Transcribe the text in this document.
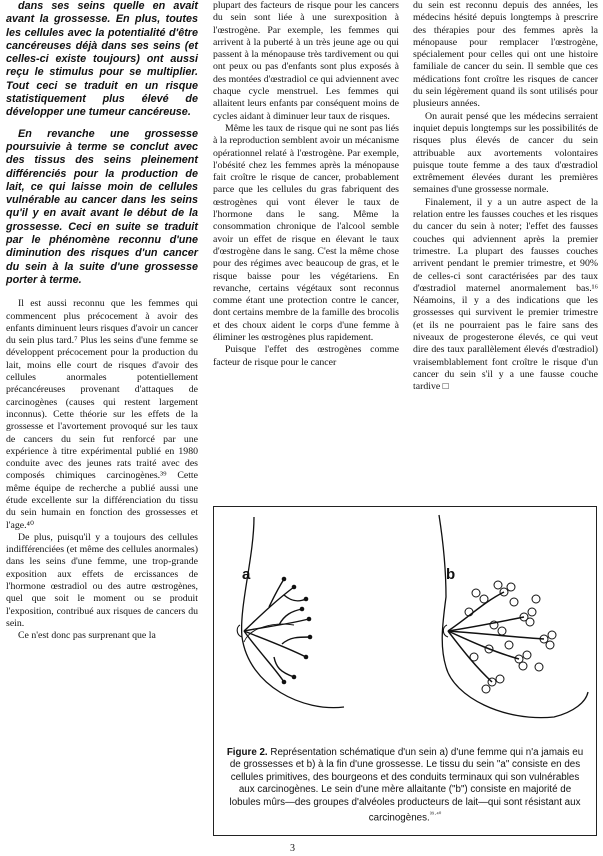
dans ses seins quelle en avait avant la grossesse. En plus, toutes les cellules avec la potentialité d'être cancéreuses déjà dans ses seins (et celles-ci existe toujours) ont aussi reçu le stimulus pour se multiplier. Tout ceci se traduit en un risque statistiquement plus élevé de développer une tumeur cancéreuse.

En revanche une grossesse poursuivie à terme se conclut avec des tissus des seins pleinement différenciés pour la production de lait, ce qui laisse moin de cellules vulnérable au cancer dans les seins qu'il y en avait avant le début de la grossesse. Ceci en suite se traduit par le phénomène reconnu d'une diminution des risques d'un cancer du sein à la suite d'une grossesse porter à terme.

Il est aussi reconnu que les femmes qui commencent plus précocement à avoir des enfants diminuent leurs risques d'avoir un cancer du sein plus tard.⁷ Plus les seins d'une femme se développent précocement pour la production du lait, moins elle court de risques d'avoir des cellules anormales potentiellement précancéreuses provenant d'attaques de carcinogènes (causes qui restent largement inconnus). Cette théorie sur les effets de la grossesse et l'avortement provoqué sur les taux de cancers du sein fut renforcé par une expérience à titre expérimental publié en 1980 conduite avec des jeunes rats traité avec des composés chimiques carcinogènes.³⁹ Cette même équipe de recherche a publié aussi une étude excellente sur la différenciation du tissu du sein humain en fonction des grossesses et l'age.⁴⁰

De plus, puisqu'il y a toujours des cellules indifférenciées (et même des cellules anormales) dans les seins d'une femme, une trop-grande exposition aux effets de ercissances de l'hormone œstradiol ou des autre œstrogènes, quel que soit le moment ou se produit l'exposition, contribué aux risques de cancers du sein.

Ce n'est donc pas surprenant que la

plupart des facteurs de risque pour les cancers du sein sont liée à une surexposition à l'œstrogène. Par exemple, les femmes qui arrivent à la puberté à un très jeune age ou qui passent à la ménopause très tardivement ou qui ont peux ou pas d'enfants sont plus exposés à des montées d'œstradiol ce qui adviennent avec chaque cycle menstruel. Les femmes qui allaitent leurs enfants par conséquent moins de cycles aidant à diminuer leur taux de risques.

Même les taux de risque qui ne sont pas liés à la reproduction semblent avoir un mécanisme opérationnel relaté à l'œstrogène. Par exemple, l'obésité chez les femmes après la ménopause fait croître le risque de cancer, probablement parce que les cellules du gras fabriquent des œstrogènes qui vont élever le taux de l'hormone dans le sang. Même la consommation chronique de l'alcool semble avoir un effet de risque en élevant le taux d'œstrogène dans le sang. C'est la même chose pour des régimes avec beaucoup de gras, et le risque baisse pour les végétariens. En revanche, certains végétaux sont reconnus comme étant une protection contre le cancer, dont certains membre de la famille des brocolis et des choux aident le corps d'une femme à éliminer les œstrogènes plus rapidement.

Puisque l'effet des œstrogènes comme facteur de risque pour le cancer

du sein est reconnu depuis des années, les médecins hésité depuis longtemps à prescrire des thérapies pour des femmes après la ménopause pour remplacer l'œstrogène, spécialement pour celles qui ont une histoire familiale de cancer du sein. Il semble que ces médications font croître les risques de cancer du sein légèrement quand ils sont utilisés pour plusieurs années.

On aurait pensé que les médecins serraient inquiet depuis longtemps sur les possibilités de risques plus élevés de cancer du sein attribuable aux avortements volontaires puisque toute femme a des taux d'œstradiol extrêmement élevées durant les premières semaines d'une grossesse normale.

Finalement, il y a un autre aspect de la relation entre les fausses couches et les risques du cancer du sein à noter; l'effet des fausses couches qui adviennent après la premier trimestre. La plupart des fausses couches arrivent pendant le premier trimestre, et 90% de celles-ci sont caractérisées par des taux d'œstradiol maternel anormalement bas.¹⁶ Néamoins, il y a des indications que les grossesses qui survivent le premier trimestre (et ils ne pourraient pas le faire sans des niveaux de progesterone élevés, ce qui veut dire des taux parallèlement élevés d'œstradiol) vraisemblablement font croître le risque d'un cancer du sein s'il y a une fausse couche tardive □

a	b
Figure 2. Représentation schématique d'un sein a) d'une femme qui n'a jamais eu de grossesses et b) à la fin d'une grossesse. Le tissu du sein "a" consiste en des cellules primitives, des bourgeons et des conduits terminaux qui son vulnérables aux carcinogènes. Le sein d'une mère allaitante ("b") consiste en majorité de lobules mûrs—des groupes d'alvéoles producteurs de lait—qui sont résistant aux carcinogènes.$^{^{39}\cdot^{40}}$
3
